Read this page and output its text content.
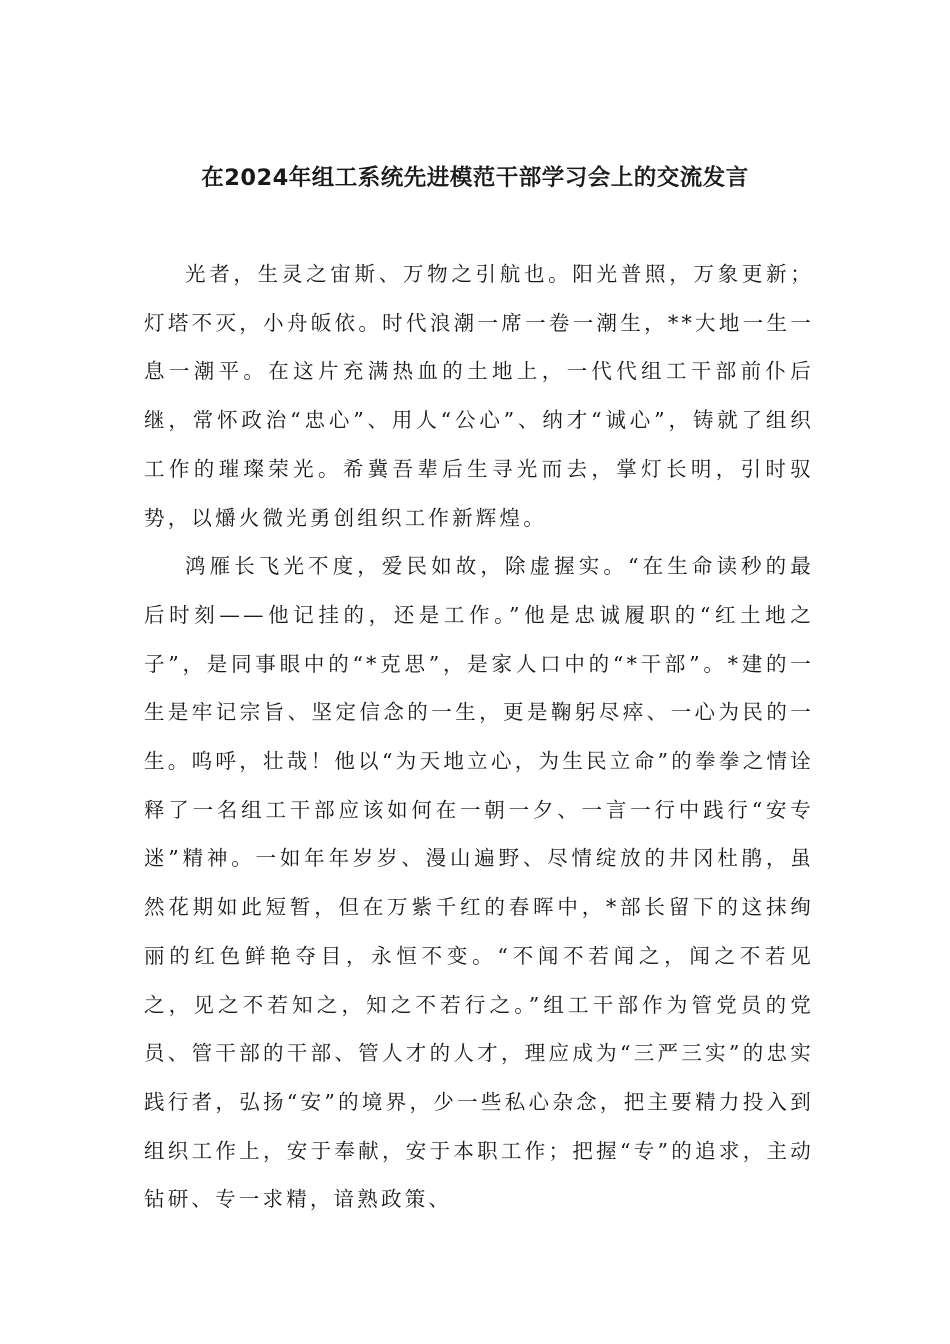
在2024年组工系统先进模范干部学习会上的交流发言

光者，生灵之宙斯、万物之引航也。阳光普照，万象更新；灯塔不灭，小舟皈依。时代浪潮一席一卷一潮生，**大地一生一息一潮平。在这片充满热血的土地上，一代代组工干部前仆后继，常怀政治“忠心”、用人“公心”、纳才“诚心”，铸就了组织工作的璀璨荣光。希冀吾辈后生寻光而去，掌灯长明，引时驭势，以爝火微光勇创组织工作新辉煌。

鸿雁长飞光不度，爱民如故，除虚握实。“在生命读秒的最后时刻——他记挂的，还是工作。”他是忠诚履职的“红土地之子”，是同事眼中的“*克思”，是家人口中的“*干部”。*建的一生是牢记宗旨、坚定信念的一生，更是鞠躬尽瘁、一心为民的一生。呜呼，壮哉！他以“为天地立心，为生民立命”的拳拳之情诠释了一名组工干部应该如何在一朝一夕、一言一行中践行“安专迷”精神。一如年年岁岁、漫山遍野、尽情绽放的井冈杜鹃，虽然花期如此短暂，但在万紫千红的春晖中，*部长留下的这抹绚丽的红色鲜艳夺目，永恒不变。“不闻不若闻之，闻之不若见之，见之不若知之，知之不若行之。”组工干部作为管党员的党员、管干部的干部、管人才的人才，理应成为“三严三实”的忠实践行者，弘扬“安”的境界，少一些私心杂念，把主要精力投入到组织工作上，安于奉献，安于本职工作；把握“专”的追求，主动钻研、专一求精，谙熟政策、
